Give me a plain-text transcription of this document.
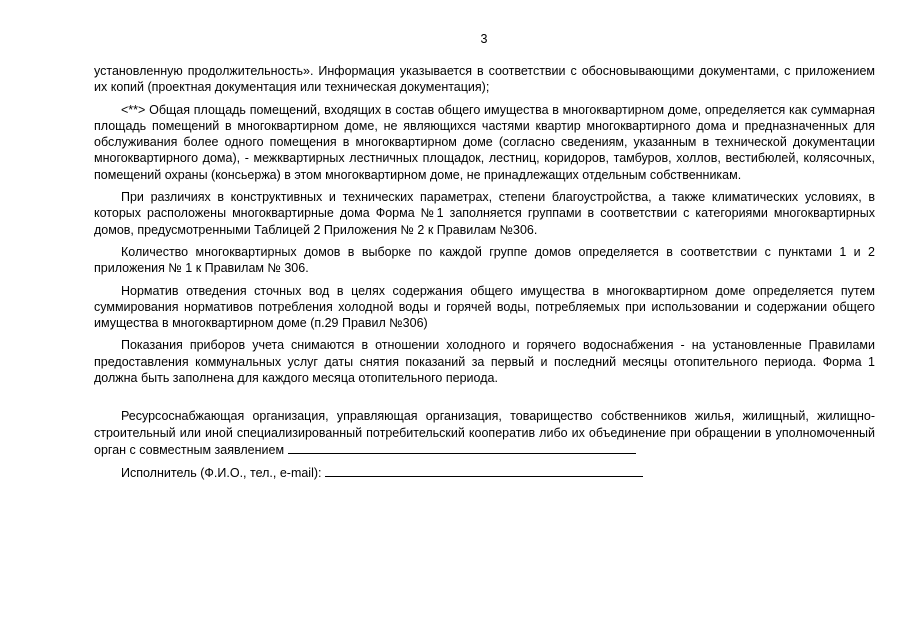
3

установленную продолжительность». Информация указывается в соответствии с обосновывающими документами, с приложением их копий (проектная документация или техническая документация);

<**> Общая площадь помещений, входящих в состав общего имущества в многоквартирном доме, определяется как суммарная площадь помещений в многоквартирном доме, не являющихся частями квартир многоквартирного дома и предназначенных для обслуживания более одного помещения в многоквартирном доме (согласно сведениям, указанным в технической документации многоквартирного дома), - межквартирных лестничных площадок, лестниц, коридоров, тамбуров, холлов, вестибюлей, колясочных, помещений охраны (консьержа) в этом многоквартирном доме, не принадлежащих отдельным собственникам.

При различиях в конструктивных и технических параметрах, степени благоустройства, а также климатических условиях, в которых расположены многоквартирные дома Форма №1 заполняется группами в соответствии с категориями многоквартирных домов, предусмотренными Таблицей 2 Приложения № 2 к Правилам №306.

Количество многоквартирных домов в выборке по каждой группе домов определяется в соответствии с пунктами 1 и 2 приложения № 1 к Правилам № 306.

Норматив отведения сточных вод в целях содержания общего имущества в многоквартирном доме определяется путем суммирования нормативов потребления холодной воды и горячей воды, потребляемых при использовании и содержании общего имущества в многоквартирном доме (п.29 Правил №306)

Показания приборов учета снимаются в отношении холодного и горячего водоснабжения - на установленные Правилами предоставления коммунальных услуг даты снятия показаний за первый и последний месяцы отопительного периода. Форма 1 должна быть заполнена для каждого месяца отопительного периода.

Ресурсоснабжающая организация, управляющая организация, товарищество собственников жилья, жилищный, жилищно-строительный или иной специализированный потребительский кооператив либо их объединение при обращении в уполномоченный орган с совместным заявлением

Исполнитель (Ф.И.О., тел., e-mail):
